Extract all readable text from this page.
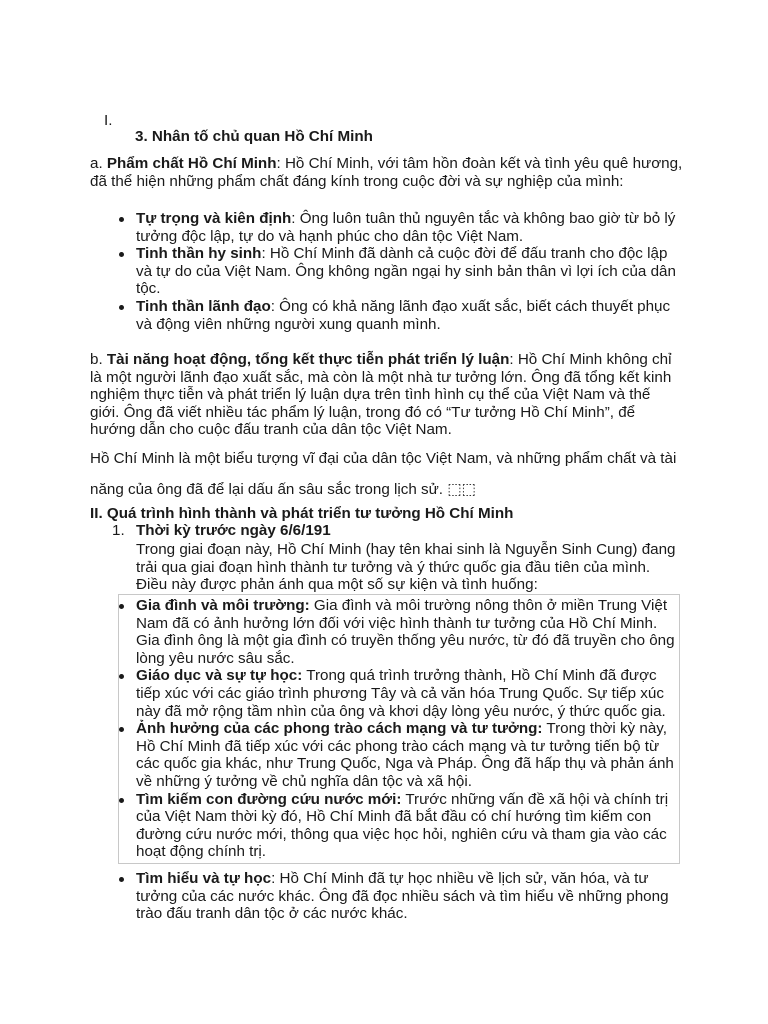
I.
3. Nhân tố chủ quan Hồ Chí Minh

a. Phẩm chất Hồ Chí Minh: Hồ Chí Minh, với tâm hồn đoàn kết và tình yêu quê hương, đã thể hiện những phẩm chất đáng kính trong cuộc đời và sự nghiệp của mình:

Tự trọng và kiên định: Ông luôn tuân thủ nguyên tắc và không bao giờ từ bỏ lý tưởng độc lập, tự do và hạnh phúc cho dân tộc Việt Nam.
Tinh thần hy sinh: Hồ Chí Minh đã dành cả cuộc đời để đấu tranh cho độc lập và tự do của Việt Nam. Ông không ngần ngại hy sinh bản thân vì lợi ích của dân tộc.
Tinh thần lãnh đạo: Ông có khả năng lãnh đạo xuất sắc, biết cách thuyết phục và động viên những người xung quanh mình.

b. Tài năng hoạt động, tổng kết thực tiễn phát triển lý luận: Hồ Chí Minh không chỉ là một người lãnh đạo xuất sắc, mà còn là một nhà tư tưởng lớn. Ông đã tổng kết kinh nghiệm thực tiễn và phát triển lý luận dựa trên tình hình cụ thể của Việt Nam và thế giới. Ông đã viết nhiều tác phẩm lý luận, trong đó có “Tư tưởng Hồ Chí Minh”, để hướng dẫn cho cuộc đấu tranh của dân tộc Việt Nam.

Hồ Chí Minh là một biểu tượng vĩ đại của dân tộc Việt Nam, và những phẩm chất và tài
năng của ông đã để lại dấu ấn sâu sắc trong lịch sử. ⬚⬚
II. Quá trình hình thành và phát triển tư tưởng Hồ Chí Minh
1. Thời kỳ trước ngày 6/6/191

Trong giai đoạn này, Hồ Chí Minh (hay tên khai sinh là Nguyễn Sinh Cung) đang trải qua giai đoạn hình thành tư tưởng và ý thức quốc gia đầu tiên của mình. Điều này được phản ánh qua một số sự kiện và tình huống:

Gia đình và môi trường: Gia đình và môi trường nông thôn ở miền Trung Việt Nam đã có ảnh hưởng lớn đối với việc hình thành tư tưởng của Hồ Chí Minh. Gia đình ông là một gia đình có truyền thống yêu nước, từ đó đã truyền cho ông lòng yêu nước sâu sắc.
Giáo dục và sự tự học: Trong quá trình trưởng thành, Hồ Chí Minh đã được tiếp xúc với các giáo trình phương Tây và cả văn hóa Trung Quốc. Sự tiếp xúc này đã mở rộng tầm nhìn của ông và khơi dậy lòng yêu nước, ý thức quốc gia.
Ảnh hưởng của các phong trào cách mạng và tư tưởng: Trong thời kỳ này, Hồ Chí Minh đã tiếp xúc với các phong trào cách mạng và tư tưởng tiến bộ từ các quốc gia khác, như Trung Quốc, Nga và Pháp. Ông đã hấp thụ và phản ánh về những ý tưởng về chủ nghĩa dân tộc và xã hội.
Tìm kiếm con đường cứu nước mới: Trước những vấn đề xã hội và chính trị của Việt Nam thời kỳ đó, Hồ Chí Minh đã bắt đầu có chí hướng tìm kiếm con đường cứu nước mới, thông qua việc học hỏi, nghiên cứu và tham gia vào các hoạt động chính trị.
Tìm hiểu và tự học: Hồ Chí Minh đã tự học nhiều về lịch sử, văn hóa, và tư tưởng của các nước khác. Ông đã đọc nhiều sách và tìm hiểu về những phong trào đấu tranh dân tộc ở các nước khác.
